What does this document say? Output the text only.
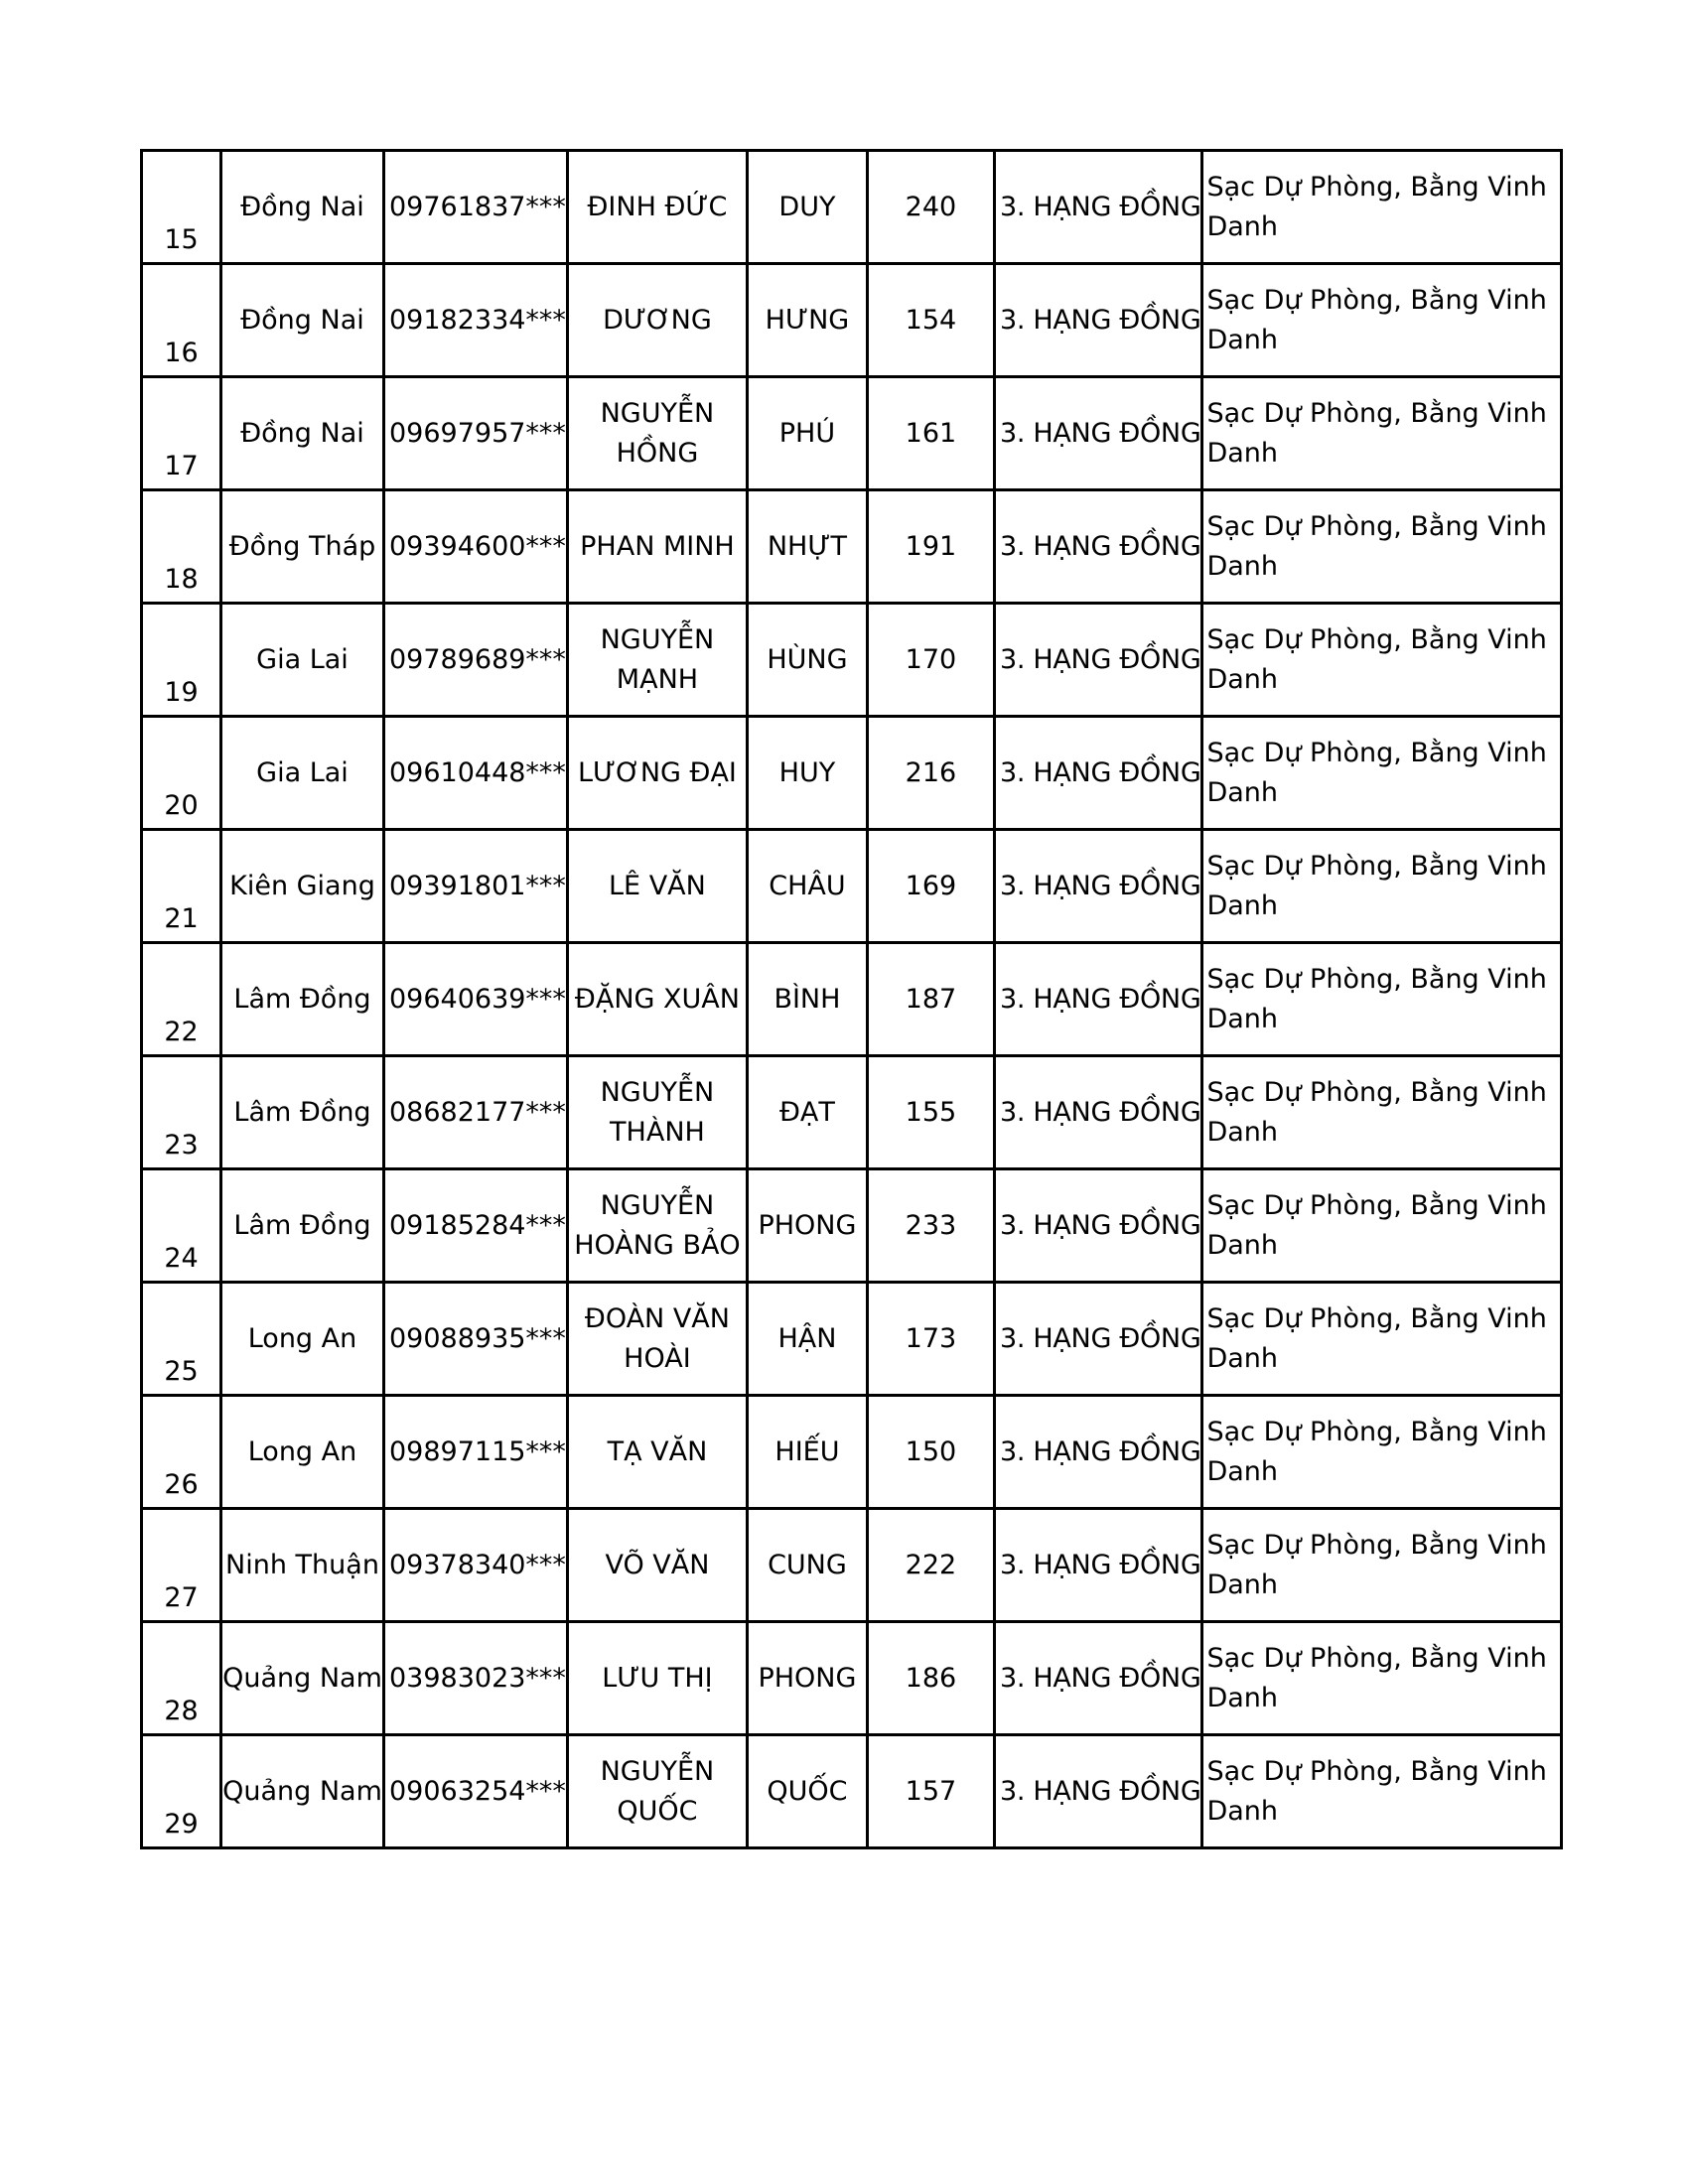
15	Đồng Nai	09761837***	ĐINH ĐỨC	DUY	240	3. HẠNG ĐỒNG	Sạc Dự Phòng, Bằng Vinh Danh
16	Đồng Nai	09182334***	DƯƠNG	HƯNG	154	3. HẠNG ĐỒNG	Sạc Dự Phòng, Bằng Vinh Danh
17	Đồng Nai	09697957***	NGUYỄN HỒNG	PHÚ	161	3. HẠNG ĐỒNG	Sạc Dự Phòng, Bằng Vinh Danh
18	Đồng Tháp	09394600***	PHAN MINH	NHỰT	191	3. HẠNG ĐỒNG	Sạc Dự Phòng, Bằng Vinh Danh
19	Gia Lai	09789689***	NGUYỄN MẠNH	HÙNG	170	3. HẠNG ĐỒNG	Sạc Dự Phòng, Bằng Vinh Danh
20	Gia Lai	09610448***	LƯƠNG ĐẠI	HUY	216	3. HẠNG ĐỒNG	Sạc Dự Phòng, Bằng Vinh Danh
21	Kiên Giang	09391801***	LÊ VĂN	CHÂU	169	3. HẠNG ĐỒNG	Sạc Dự Phòng, Bằng Vinh Danh
22	Lâm Đồng	09640639***	ĐẶNG XUÂN	BÌNH	187	3. HẠNG ĐỒNG	Sạc Dự Phòng, Bằng Vinh Danh
23	Lâm Đồng	08682177***	NGUYỄN THÀNH	ĐẠT	155	3. HẠNG ĐỒNG	Sạc Dự Phòng, Bằng Vinh Danh
24	Lâm Đồng	09185284***	NGUYỄN HOÀNG BẢO	PHONG	233	3. HẠNG ĐỒNG	Sạc Dự Phòng, Bằng Vinh Danh
25	Long An	09088935***	ĐOÀN VĂN HOÀI	HẬN	173	3. HẠNG ĐỒNG	Sạc Dự Phòng, Bằng Vinh Danh
26	Long An	09897115***	TẠ VĂN	HIẾU	150	3. HẠNG ĐỒNG	Sạc Dự Phòng, Bằng Vinh Danh
27	Ninh Thuận	09378340***	VÕ VĂN	CUNG	222	3. HẠNG ĐỒNG	Sạc Dự Phòng, Bằng Vinh Danh
28	Quảng Nam	03983023***	LƯU THỊ	PHONG	186	3. HẠNG ĐỒNG	Sạc Dự Phòng, Bằng Vinh Danh
29	Quảng Nam	09063254***	NGUYỄN QUỐC	QUỐC	157	3. HẠNG ĐỒNG	Sạc Dự Phòng, Bằng Vinh Danh
